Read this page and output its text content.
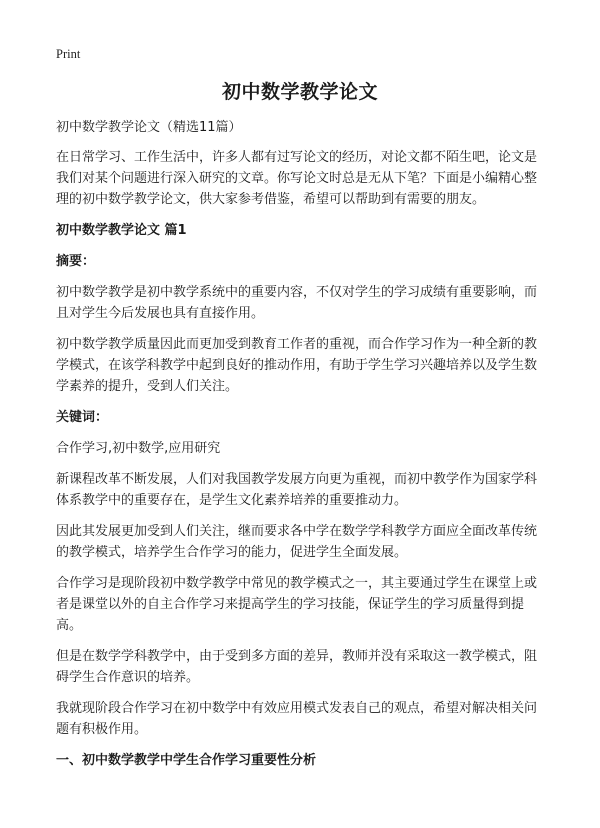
Print
初中数学教学论文

初中数学教学论文（精选11篇）

在日常学习、工作生活中，许多人都有过写论文的经历，对论文都不陌生吧，论文是我们对某个问题进行深入研究的文章。你写论文时总是无从下笔？下面是小编精心整理的初中数学教学论文，供大家参考借鉴，希望可以帮助到有需要的朋友。

初中数学教学论文 篇1
摘要：

初中数学教学是初中教学系统中的重要内容，不仅对学生的学习成绩有重要影响，而且对学生今后发展也具有直接作用。

初中数学教学质量因此而更加受到教育工作者的重视，而合作学习作为一种全新的教学模式，在该学科教学中起到良好的推动作用，有助于学生学习兴趣培养以及学生数学素养的提升，受到人们关注。

关键词：

合作学习,初中数学,应用研究

新课程改革不断发展，人们对我国教学发展方向更为重视，而初中教学作为国家学科体系教学中的重要存在，是学生文化素养培养的重要推动力。

因此其发展更加受到人们关注，继而要求各中学在数学学科教学方面应全面改革传统的教学模式，培养学生合作学习的能力，促进学生全面发展。

合作学习是现阶段初中数学教学中常见的教学模式之一，其主要通过学生在课堂上或者是课堂以外的自主合作学习来提高学生的学习技能，保证学生的学习质量得到提高。

但是在数学学科教学中，由于受到多方面的差异，教师并没有采取这一教学模式，阻碍学生合作意识的培养。

我就现阶段合作学习在初中数学中有效应用模式发表自己的观点，希望对解决相关问题有积极作用。

一、初中数学教学中学生合作学习重要性分析
